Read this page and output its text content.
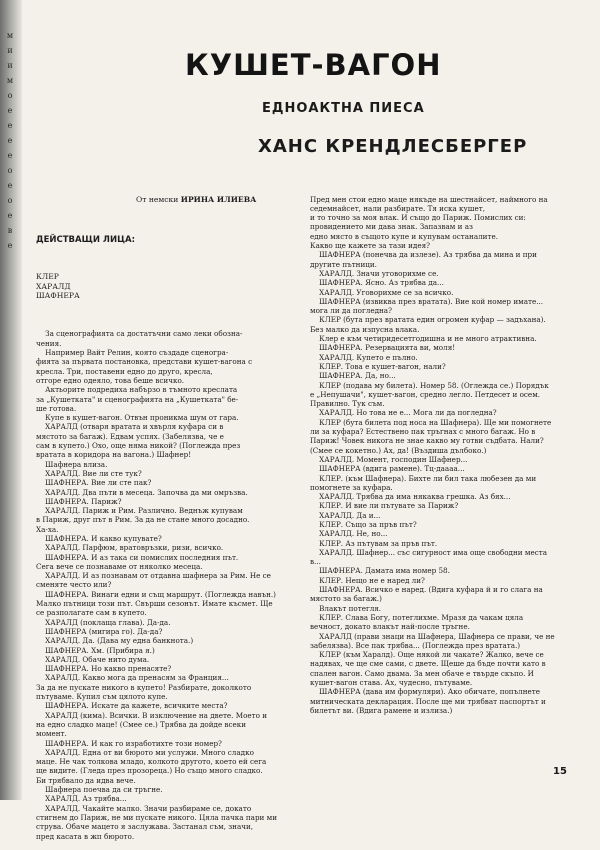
м
и
и
м
о
е
е
е
е
о
е
о
е
в
е
КУШЕТ-ВАГОН
ЕДНОАКТНА ПИЕСА
ХАНС КРЕНДЛЕСБЕРГЕР

От немски ИРИНА ИЛИЕВА

ДЕЙСТВАЩИ ЛИЦА:

КЛЕР
ХАРАЛД
ШАФНЕРА

За сценографията са достатъчни само леки обозна-
чения.
Например Вайт Релин, която създаде сценогра-
фията за първата постановка, представи кушет-вагона с
кресла. Три, поставени едно до друго, кресла,
отгоре едно одеяло, това беше всичко.
Актьорите подредиха набързо в тъмното креслата
за „Кушетката" и сценографията на „Кушетката" бе-
ше готова.
Купе в кушет-вагон. Отвън проникма шум от гара.
ХАРАЛД (отваря вратата и хвърля куфара си в
мястото за багаж). Едвам успях. (Забелязва, че е
сам в купето.) Охо, още няма никой? (Поглежда през
вратата в коридора на вагона.) Шафнер!
Шафнера влиза.
ХАРАЛД. Вие ли сте тук?
ШАФНЕРА. Вие ли сте пак?
ХАРАЛД. Два пъти в месеца. Започва да ми омръзва.
ШАФНЕРА. Париж?
ХАРАЛД. Париж и Рим. Различно. Веднъж купувам
в Париж, друг път в Рим. За да не стане много досадно.
Ха-ха.
ШАФНЕРА. И какво купувате?
ХАРАЛД. Парфюм, вратовръзки, ризи, всичко.
ШАФНЕРА. И аз така си помислих последния път.
Сега вече се познаваме от няколко месеца.
ХАРАЛД. И аз познавам от отдавна шафнера за Рим. Не се
сменяте често или?
ШАФНЕРА. Винаги едни и същ маршрут. (Поглежда навън.)
Малко пътници този път. Свърши сезонът. Имате късмет. Ще
се разполагате сам в купето.
ХАРАЛД (поклаща глава). Да-да.
ШАФНЕРА (мигира го). Да-да?
ХАРАЛД. Да. (Дава му една банкнота.)
ШАФНЕРА. Хм. (Прибира я.)
ХАРАЛД. Обаче нито дума.
ШАФНЕРА. Но какво пренасяте?
ХАРАЛД. Какво мога да пренасям за Франция...
За да не пускате никого в купето! Разбирате, доколкото
пътуваме. Купил съм цялото купе.
ШАФНЕРА. Искате да кажете, всичките места?
ХАРАЛД (кима). Всички. В изключение на двете. Моето и
на едно сладко маце! (Смее се.) Трябва да дойде всеки
момент.
ШАФНЕРА. И как го изработихте този номер?
ХАРАЛД. Една от ви бюрото ми услужи. Много сладко
маце. Не чак толкова младо, колкото другото, което ей сега
ще видите. (Гледа през прозореца.) Но също много сладко.
Би трябвало да идва вече.
Шафнера поечва да си тръгне.
ХАРАЛД. Аз трябва...
ХАРАЛД. Чакайте малко. Значи разбираме се, докато
стигнем до Париж, не ми пускате никого. Цяла пачка пари ми
струва. Обаче мацето я заслужава. Застанал съм, значи,
пред касата в жп бюрото.

Пред мен стои едно маце някъде на шестнайсет, наймного на
седемнайсет, нали разбирате. Тя иска кушет,
и то точно за моя влак. И също до Париж. Помислих си:
провидението ми дава знак. Запазвам и аз
едно място в същото купе и купувам останалите.
Какво ще кажете за тази идея?
ШАФНЕРА (понечва да излезе). Аз трябва да мина и при
другите пътници.
ХАРАЛД. Значи уговорихме се.
ШАФНЕРА. Ясно. Аз трябва да...
ХАРАЛД. Уговорихме се за всичко.
ШАФНЕРА (извиква през вратата). Вие кой номер имате...
мога ли да погледна?
КЛЕР (бута през вратата един огромен куфар — задъхана).
Без малко да изпусна влака.
Клер е към четиридесетгодишна и не много атрактивна.
ШАФНЕРА. Резервацията ви, моля!
ХАРАЛД. Купето е пълно.
КЛЕР. Това е кушет-вагон, нали?
ШАФНЕРА. Да, но...
КЛЕР (подава му билета). Номер 58. (Оглежда се.) Порядък
е „Непушачи", кушет-вагон, средно легло. Петдесет и осем.
Правилно. Тук съм.
ХАРАЛД. Но това не е... Мога ли да погледна?
КЛЕР (бута билета под носа на Шафнера). Ще ми помогнете
ли за куфара? Естествено пак тръгнах с много багаж. Но в
Париж! Човек никога не знае какво му готви съдбата. Нали?
(Смее се кокетно.) Ах, да! (Въздиша дълбоко.)
ХАРАЛД. Момент, господин Шафнер...
ШАФНЕРА (вдига рамене). Тц-даааа...
КЛЕР. (към Шафнера). Бихте ли бил така любезен да ми
помогнете за куфара.
ХАРАЛД. Трябва да има някаква грешка. Аз бях...
КЛЕР. И вие ли пътувате за Париж?
ХАРАЛД. Да и...
КЛЕР. Също за пръв път?
ХАРАЛД. Не, но...
КЛЕР. Аз пътувам за пръв път.
ХАРАЛД. Шафнер... със сигурност има още свободни места
в...
ШАФНЕРА. Дамата има номер 58.
КЛЕР. Нещо не е наред ли?
ШАФНЕРА. Всичко е наред. (Вдига куфара й и го слага на
мястото за багаж.)
Влакът потегля.
КЛЕР. Слава Богу, потеглихме. Мразя да чакам цяла
вечност, докато влакът най-после тръгне.
ХАРАЛД (прави знаци на Шафнера, Шафнера се прави, че не
забелязва). Все пак трябва... (Поглежда през вратата.)
КЛЕР (към Харалд). Още някой ли чакате? Жалко, вече се
надявах, че ще сме сами, с двете. Щеше да бъде почти като в
спален вагон. Само двама. За мен обаче е твърде скъпо. И
кушет-вагон става. Ах, чудесно, пътуваме.
ШАФНЕРА (дава им формуляри). Ако обичате, попълнете
митническата декларация. После ще ми трябват паспортът и
билетът ви. (Вдига рамене и излиза.)

15
